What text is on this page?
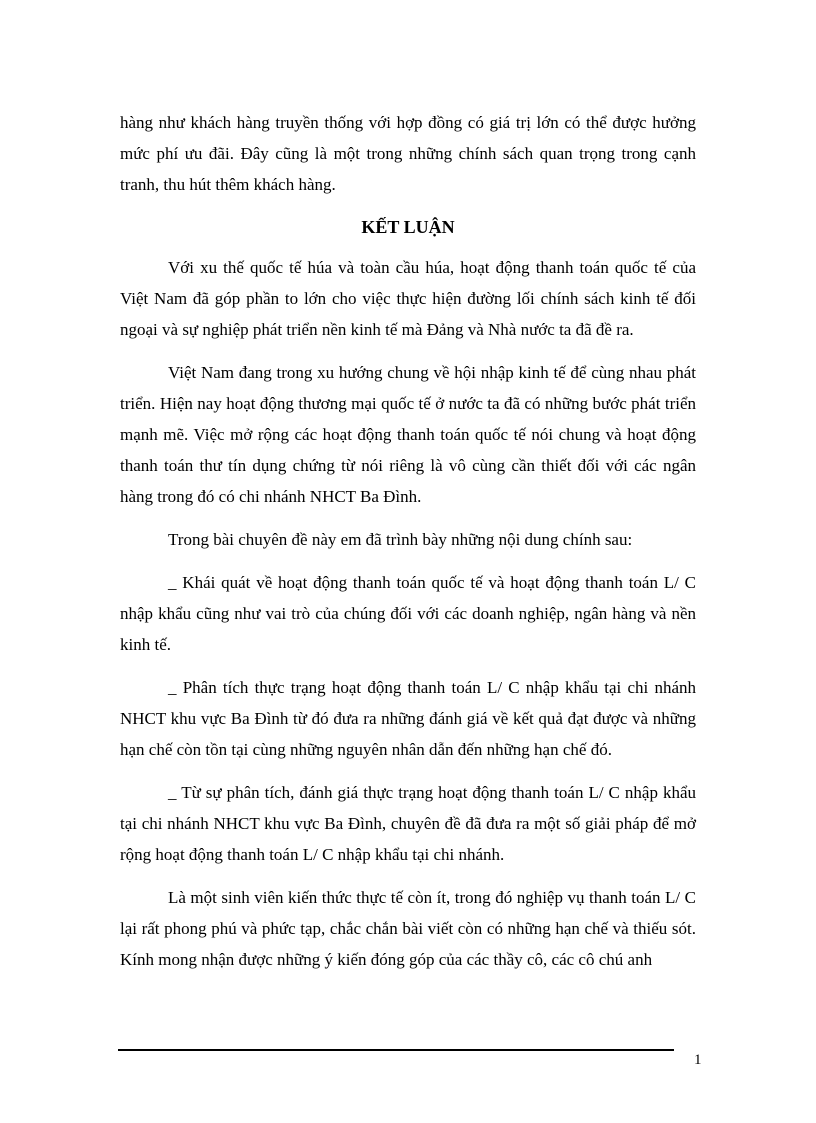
hàng như khách hàng truyền thống với hợp đồng có giá trị lớn có thể được hưởng mức phí ưu đãi. Đây cũng là một trong những chính sách quan trọng trong cạnh tranh, thu hút thêm khách hàng.

KẾT LUẬN

Với xu thế quốc tế húa và toàn cầu húa, hoạt động thanh toán quốc tế của Việt Nam đã góp phần to lớn cho việc thực hiện đường lối chính sách kinh tế đối ngoại và sự nghiệp phát triển nền kinh tế mà Đảng và Nhà nước ta đã đề ra.

Việt Nam đang trong xu hướng chung về hội nhập kinh tế để cùng nhau phát triển. Hiện nay hoạt động thương mại quốc tế ở nước ta đã có những bước phát triển mạnh mẽ. Việc mở rộng các hoạt động thanh toán quốc tế nói chung và hoạt động thanh toán thư tín dụng chứng từ nói riêng là vô cùng cần thiết đối với các ngân hàng trong đó có chi nhánh NHCT Ba Đình.

Trong bài chuyên đề này em đã trình bày những nội dung chính sau:

_ Khái quát về hoạt động thanh toán quốc tế và hoạt động thanh toán L/ C nhập khẩu cũng như vai trò của chúng đối với các doanh nghiệp, ngân hàng và nền kinh tế.

_ Phân tích thực trạng hoạt động thanh toán L/ C nhập khẩu tại chi nhánh NHCT khu vực Ba Đình từ đó đưa ra những đánh giá về kết quả đạt được và những hạn chế còn tồn tại cùng những nguyên nhân dẫn đến những hạn chế đó.

_ Từ sự phân tích, đánh giá thực trạng hoạt động thanh toán L/ C nhập khẩu tại chi nhánh NHCT khu vực Ba Đình, chuyên đề đã đưa ra một số giải pháp để mở rộng hoạt động thanh toán L/ C nhập khẩu tại chi nhánh.

Là một sinh viên kiến thức thực tế còn ít, trong đó nghiệp vụ thanh toán L/ C lại rất phong phú và phức tạp, chắc chắn bài viết còn có những hạn chế và thiếu sót. Kính mong nhận được những ý kiến đóng góp của các thầy cô, các cô chú anh

1
